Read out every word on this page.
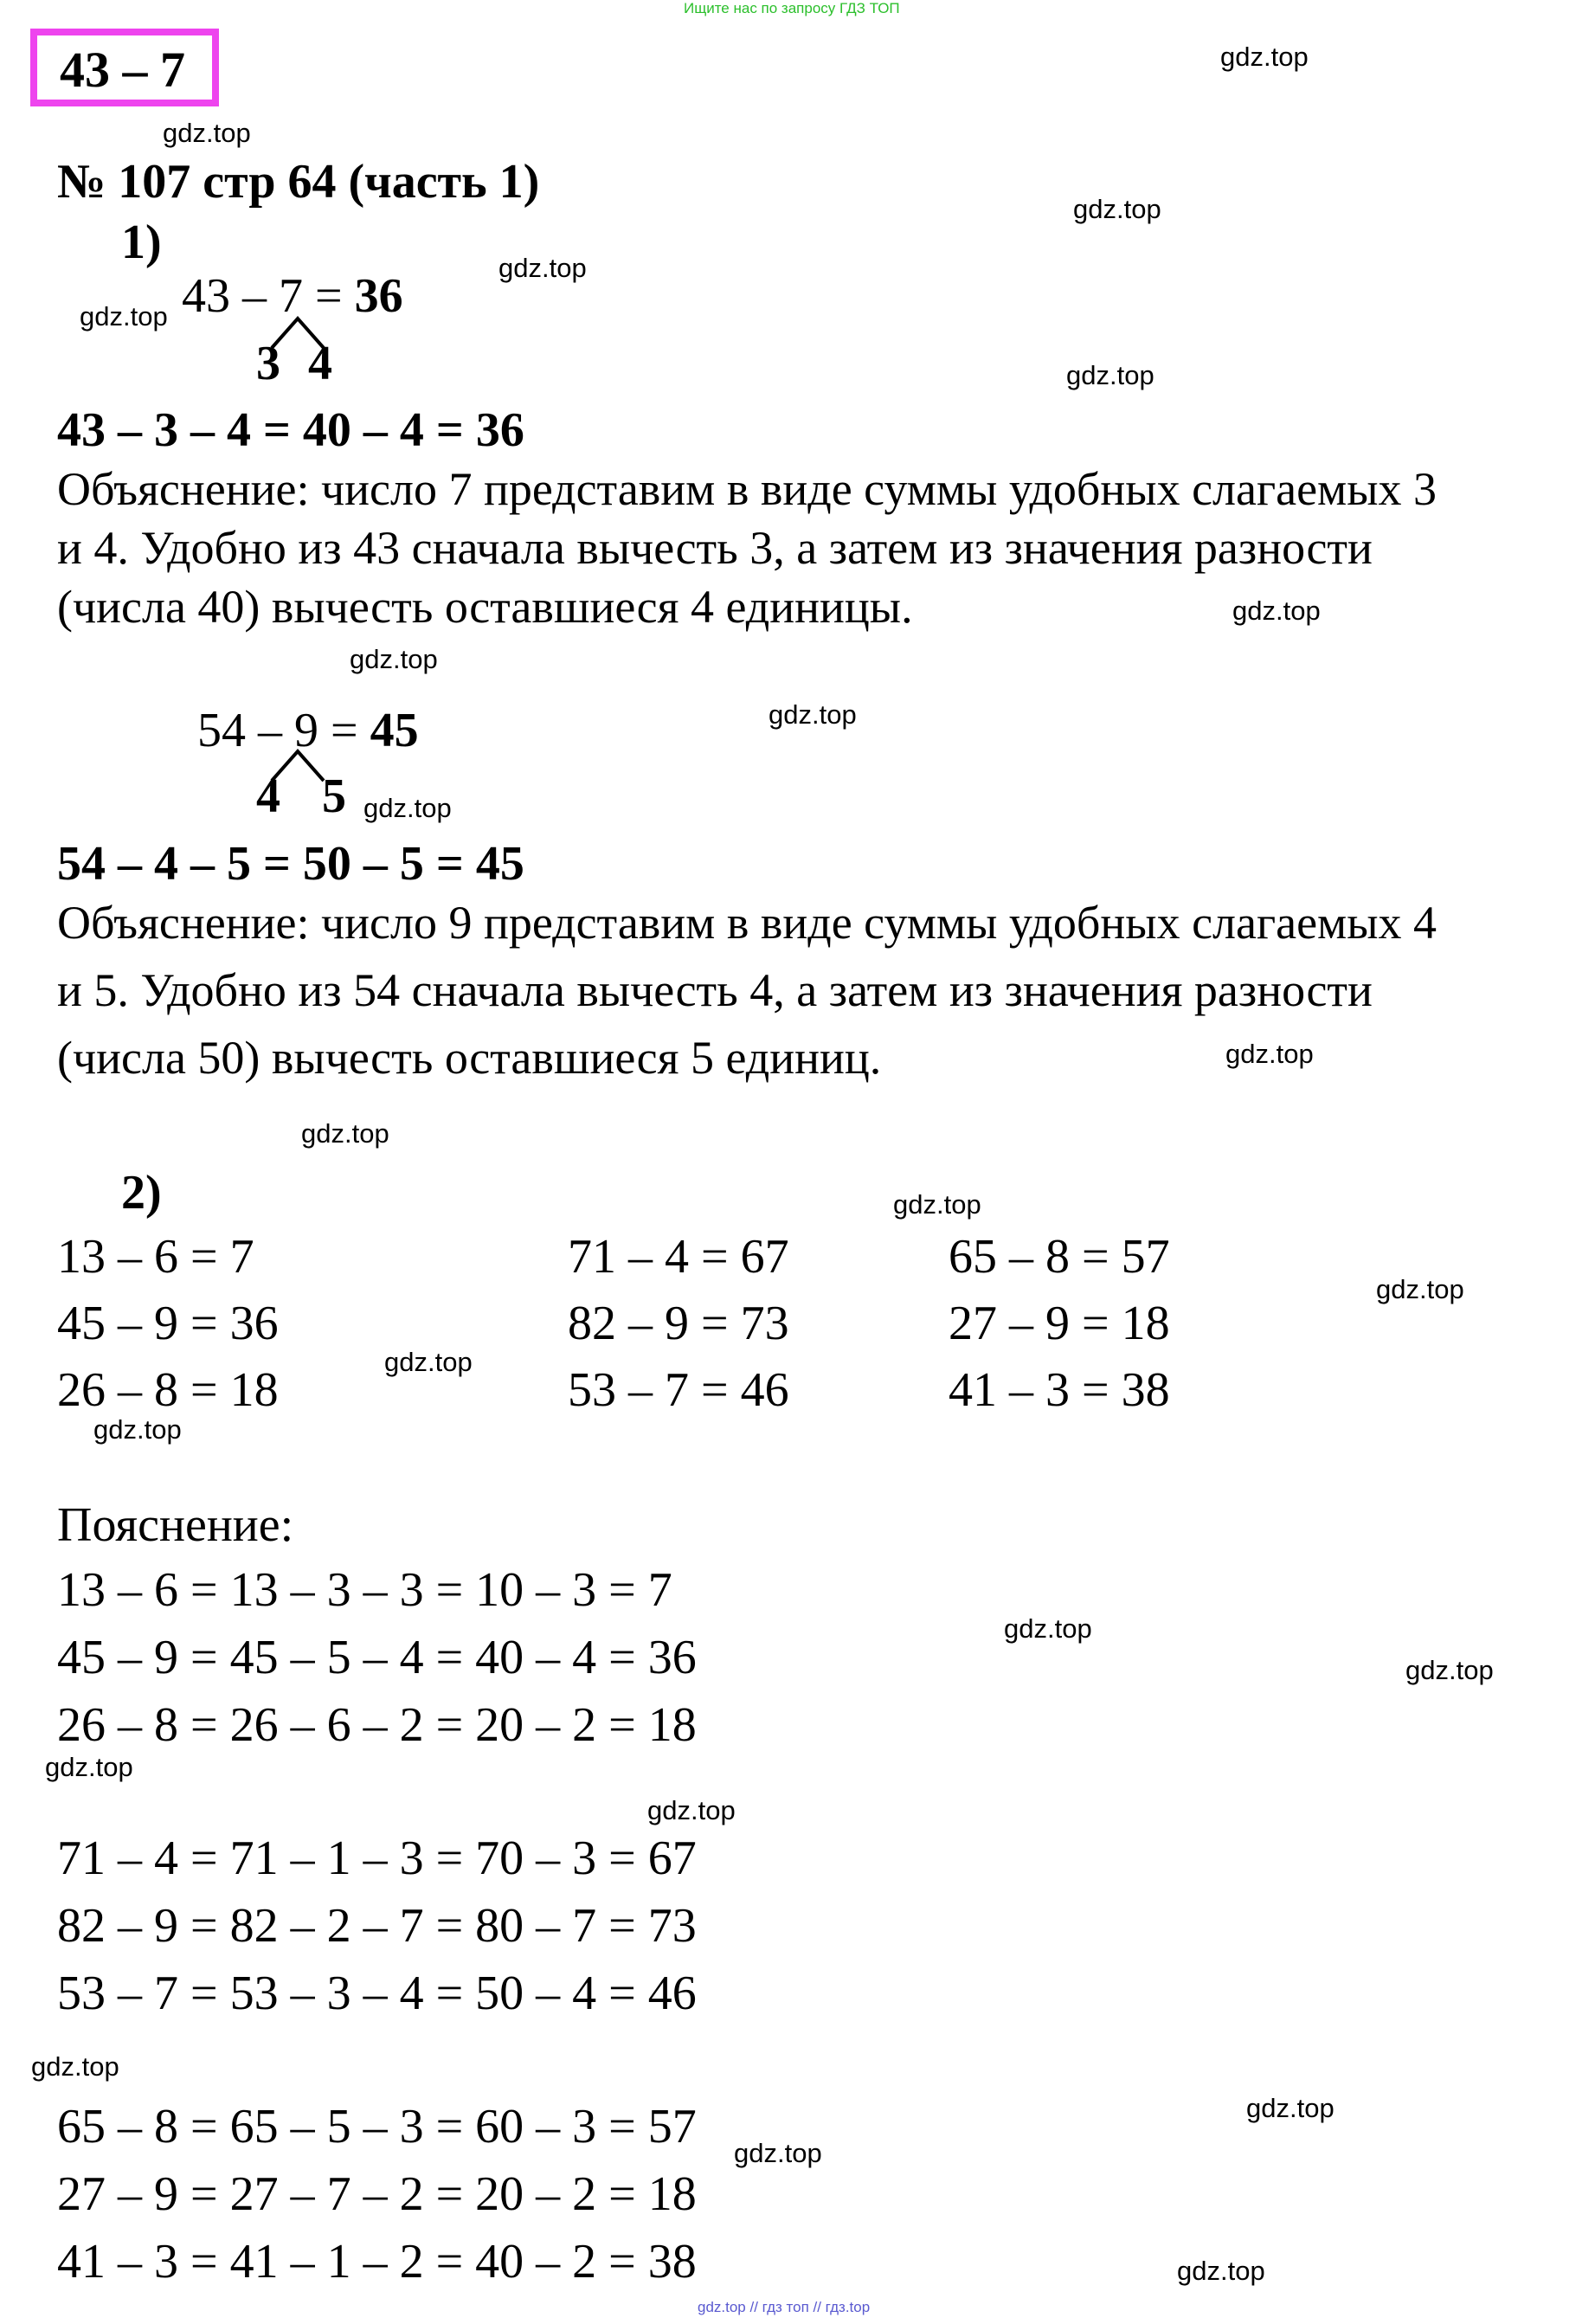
Ищите нас по запросу ГДЗ ТОП
43 – 7
№ 107 стр 64 (часть 1)
1)
43 – 7 = 36
3 4
43 – 3 – 4 = 40 – 4 = 36
Объяснение: число 7 представим в виде суммы удобных слагаемых 3
и 4. Удобно из 43 сначала вычесть 3, а затем из значения разности
(числа 40) вычесть оставшиеся 4 единицы.
54 – 9 = 45
4 5
54 – 4 – 5 = 50 – 5 = 45
Объяснение: число 9 представим в виде суммы удобных слагаемых 4
и 5. Удобно из 54 сначала вычесть 4, а затем из значения разности
(числа 50) вычесть оставшиеся 5 единиц.
2)
13 – 6 = 7
45 – 9 = 36
26 – 8 = 18
71 – 4 = 67
82 – 9 = 73
53 – 7 = 46
65 – 8 = 57
27 – 9 = 18
41 – 3 = 38
Пояснение:
13 – 6 = 13 – 3 – 3 = 10 – 3 = 7
45 – 9 = 45 – 5 – 4 = 40 – 4 = 36
26 – 8 = 26 – 6 – 2 = 20 – 2 = 18
71 – 4 = 71 – 1 – 3 = 70 – 3 = 67
82 – 9 = 82 – 2 – 7 = 80 – 7 = 73
53 – 7 = 53 – 3 – 4 = 50 – 4 = 46
65 – 8 = 65 – 5 – 3 = 60 – 3 = 57
27 – 9 = 27 – 7 – 2 = 20 – 2 = 18
41 – 3 = 41 – 1 – 2 = 40 – 2 = 38
gdz.top
gdz.top
gdz.top
gdz.top
gdz.top
gdz.top
gdz.top
gdz.top
gdz.top
gdz.top
gdz.top
gdz.top
gdz.top
gdz.top
gdz.top
gdz.top
gdz.top
gdz.top
gdz.top
gdz.top
gdz.top
gdz.top
gdz.top
gdz.top
gdz.top // гдз топ // гдз.top
